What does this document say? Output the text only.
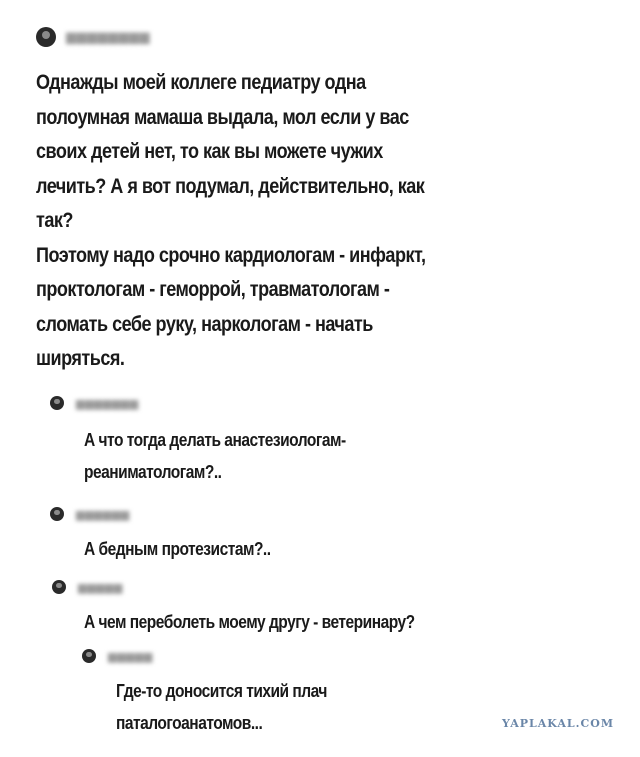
▆▆▆▆▆▆▆▆
Однажды моей коллеге педиатру одна
полоумная мамаша выдала, мол если у вас
своих детей нет, то как вы можете чужих
лечить? А я вот подумал, действительно, как
так?
Поэтому надо срочно кардиологам - инфаркт,
проктологам - геморрой, травматологам -
сломать себе руку, наркологам - начать
ширяться.
▆▆▆▆▆▆▆
А что тогда делать анастезиологам-
реаниматологам?..
▆▆▆▆▆▆
А бедным протезистам?..
▆▆▆▆▆
А чем переболеть моему другу - ветеринару?
▆▆▆▆▆
Где-то доносится тихий плач
паталогоанатомов...	YAPLAKAL.COM
